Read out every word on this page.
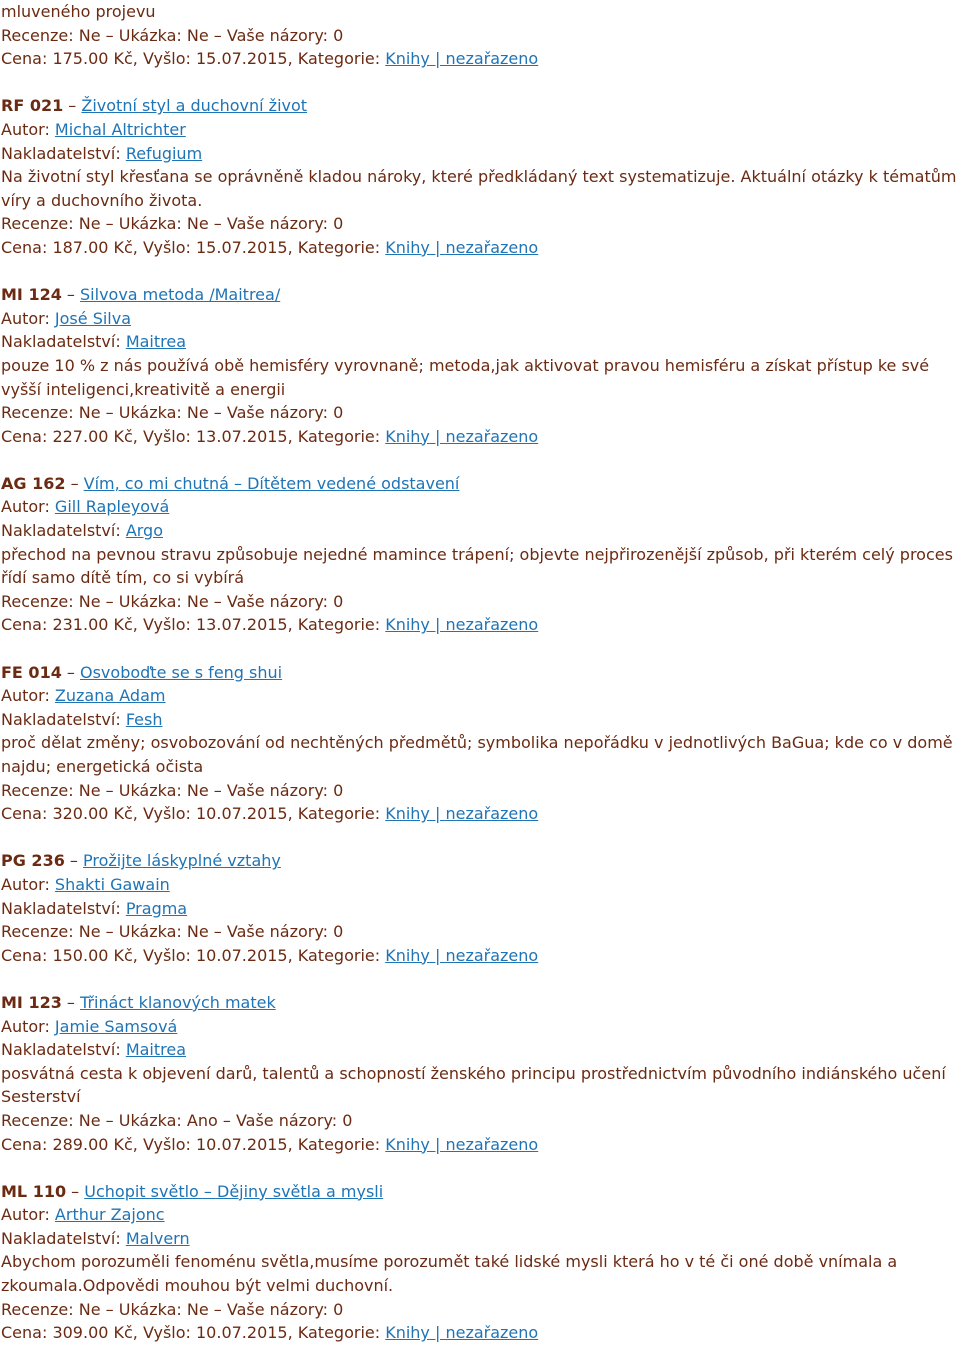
mluveného projevu

Recenze: Ne – Ukázka: Ne – Vaše názory: 0

Cena: 175.00 Kč, Vyšlo: 15.07.2015, Kategorie: Knihy | nezařazeno

RF 021 – Životní styl a duchovní život

Autor: Michal Altrichter

Nakladatelství: Refugium

Na životní styl křesťana se oprávněně kladou nároky, které předkládaný text systematizuje. Aktuální otázky k tématům víry a duchovního života.

Recenze: Ne – Ukázka: Ne – Vaše názory: 0

Cena: 187.00 Kč, Vyšlo: 15.07.2015, Kategorie: Knihy | nezařazeno

MI 124 – Silvova metoda /Maitrea/

Autor: José Silva

Nakladatelství: Maitrea

pouze 10 % z nás používá obě hemisféry vyrovnaně; metoda,jak aktivovat pravou hemisféru a získat přístup ke své vyšší inteligenci,kreativitě a energii

Recenze: Ne – Ukázka: Ne – Vaše názory: 0

Cena: 227.00 Kč, Vyšlo: 13.07.2015, Kategorie: Knihy | nezařazeno

AG 162 – Vím, co mi chutná – Dítětem vedené odstavení

Autor: Gill Rapleyová

Nakladatelství: Argo

přechod na pevnou stravu způsobuje nejedné mamince trápení; objevte nejpřirozenější způsob, při kterém celý proces řídí samo dítě tím, co si vybírá

Recenze: Ne – Ukázka: Ne – Vaše názory: 0

Cena: 231.00 Kč, Vyšlo: 13.07.2015, Kategorie: Knihy | nezařazeno

FE 014 – Osvoboďte se s feng shui

Autor: Zuzana Adam

Nakladatelství: Fesh

proč dělat změny; osvobozování od nechtěných předmětů; symbolika nepořádku v jednotlivých BaGua; kde co v domě najdu; energetická očista

Recenze: Ne – Ukázka: Ne – Vaše názory: 0

Cena: 320.00 Kč, Vyšlo: 10.07.2015, Kategorie: Knihy | nezařazeno

PG 236 – Prožijte láskyplné vztahy

Autor: Shakti Gawain

Nakladatelství: Pragma

Recenze: Ne – Ukázka: Ne – Vaše názory: 0

Cena: 150.00 Kč, Vyšlo: 10.07.2015, Kategorie: Knihy | nezařazeno

MI 123 – Třináct klanových matek

Autor: Jamie Samsová

Nakladatelství: Maitrea

posvátná cesta k objevení darů, talentů a schopností ženského principu prostřednictvím původního indiánského učení Sesterství

Recenze: Ne – Ukázka: Ano – Vaše názory: 0

Cena: 289.00 Kč, Vyšlo: 10.07.2015, Kategorie: Knihy | nezařazeno

ML 110 – Uchopit světlo – Dějiny světla a mysli

Autor: Arthur Zajonc

Nakladatelství: Malvern

Abychom porozuměli fenoménu světla,musíme porozumět také lidské mysli která ho v té či oné době vnímala a zkoumala.Odpovědi mouhou být velmi duchovní.

Recenze: Ne – Ukázka: Ne – Vaše názory: 0

Cena: 309.00 Kč, Vyšlo: 10.07.2015, Kategorie: Knihy | nezařazeno
